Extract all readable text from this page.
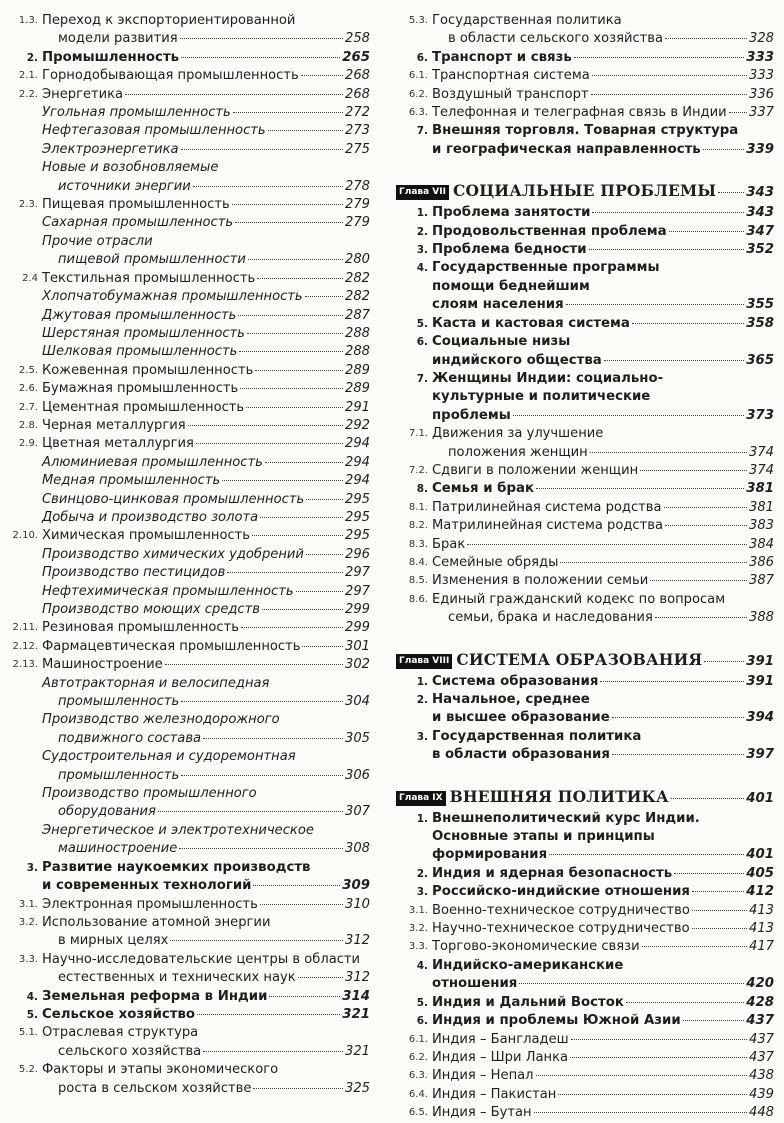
1.3. Переход к экспорториентированной
модели развития	258
2. Промышленность	265
2.1. Горнодобывающая промышленность	268
2.2. Энергетика	268
Угольная промышленность	272
Нефтегазовая промышленность	273
Электроэнергетика	275
Новые и возобновляемые
источники энергии	278
2.3. Пищевая промышленность	279
Сахарная промышленность	279
Прочие отрасли
пищевой промышленности	280
2.4 Текстильная промышленность	282
Хлопчатобумажная промышленность	282
Джутовая промышленность	287
Шерстяная промышленность	288
Шелковая промышленность	288
2.5. Кожевенная промышленность	289
2.6. Бумажная промышленность	289
2.7. Цементная промышленность	291
2.8. Черная металлургия	292
2.9. Цветная металлургия	294
Алюминиевая промышленность	294
Медная промышленность	294
Свинцово-цинковая промышленность	295
Добыча и производство золота	295
2.10. Химическая промышленность	295
Производство химических удобрений	296
Производство пестицидов	297
Нефтехимическая промышленность	297
Производство моющих средств	299
2.11. Резиновая промышленность	299
2.12. Фармацевтическая промышленность	301
2.13. Машиностроение	302
Автотракторная и велосипедная
промышленность	304
Производство железнодорожного
подвижного состава	305
Судостроительная и судоремонтная
промышленность	306
Производство промышленного
оборудования	307
Энергетическое и электротехническое
машиностроение	308
3. Развитие наукоемких производств
и современных технологий	309
3.1. Электронная промышленность	310
3.2. Использование атомной энергии
в мирных целях	312
3.3. Научно-исследовательские центры в области
естественных и технических наук	312
4. Земельная реформа в Индии	314
5. Сельское хозяйство	321
5.1. Отраслевая структура
сельского хозяйства	321
5.2. Факторы и этапы экономического
роста в сельском хозяйстве	325
5.3. Государственная политика
в области сельского хозяйства	328
6. Транспорт и связь	333
6.1. Транспортная система	333
6.2. Воздушный транспорт	336
6.3. Телефонная и телеграфная связь в Индии 337
7. Внешняя торговля. Товарная структура
и географическая направленность	339
Глава VII СОЦИАЛЬНЫЕ ПРОБЛЕМЫ 343
1. Проблема занятости	343
2. Продовольственная проблема	347
3. Проблема бедности	352
4. Государственные программы
помощи беднейшим
слоям населения	355
5. Каста и кастовая система	358
6. Социальные низы
индийского общества	365
7. Женщины Индии: социально-
культурные и политические
проблемы	373
7.1. Движения за улучшение
положения женщин	374
7.2. Сдвиги в положении женщин	374
8. Семья и брак	381
8.1. Патрилинейная система родства	381
8.2. Матрилинейная система родства	383
8.3. Брак	384
8.4. Семейные обряды	386
8.5. Изменения в положении семьи	387
8.6. Единый гражданский кодекс по вопросам
семьи, брака и наследования	388
Глава VIII СИСТЕМА ОБРАЗОВАНИЯ	391
1. Система образования	391
2. Начальное, среднее
и высшее образование	394
3. Государственная политика
в области образования	397
Глава IX ВНЕШНЯЯ ПОЛИТИКА	401
1. Внешнеполитический курс Индии.
Основные этапы и принципы
формирования	401
2. Индия и ядерная безопасность	405
3. Российско-индийские отношения	412
3.1. Военно-техническое сотрудничество	413
3.2. Научно-техническое сотрудничество	413
3.3. Торгово-экономические связи	417
4. Индийско-американские
отношения	420
5. Индия и Дальний Восток	428
6. Индия и проблемы Южной Азии	437
6.1. Индия – Бангладеш	437
6.2. Индия – Шри Ланка	437
6.3. Индия – Непал	438
6.4. Индия – Пакистан	439
6.5. Индия – Бутан	448
